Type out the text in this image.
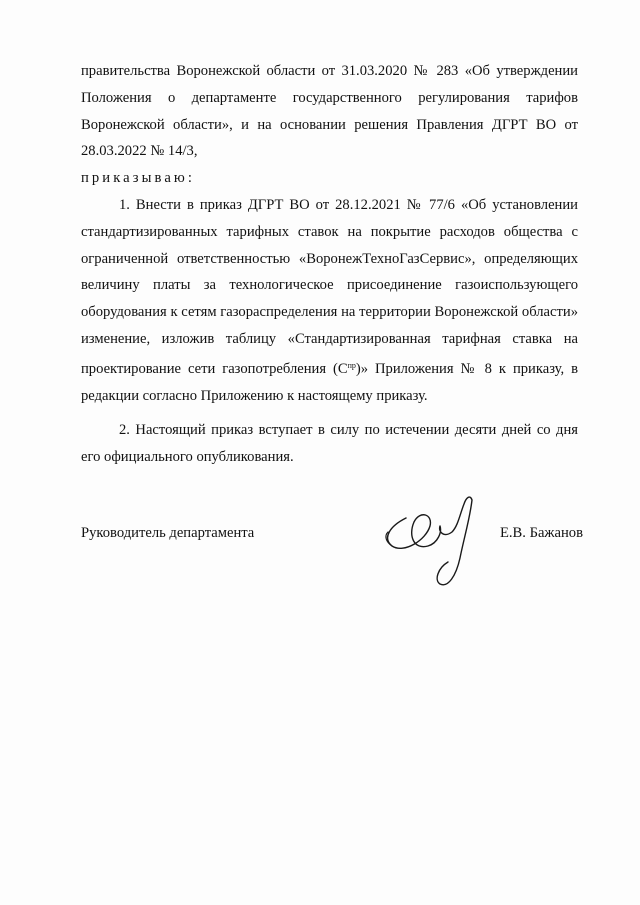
правительства Воронежской области от 31.03.2020 № 283 «Об утверждении Положения о департаменте государственного регулирования тарифов Воронежской области», и на основании решения Правления ДГРТ ВО от 28.03.2022 № 14/3,

приказываю:

1. Внести в приказ ДГРТ ВО от 28.12.2021 № 77/6 «Об установлении стандартизированных тарифных ставок на покрытие расходов общества с ограниченной ответственностью «ВоронежТехноГазСервис», определяющих величину платы за технологическое присоединение газоиспользующего оборудования к сетям газораспределения на территории Воронежской области» изменение, изложив таблицу «Стандартизированная тарифная ставка на проектирование сети газопотребления $(С^{пр})$» Приложения № 8 к приказу, в редакции согласно Приложению к настоящему приказу.

2. Настоящий приказ вступает в силу по истечении десяти дней со дня его официального опубликования.

Руководитель департамента	Е.В. Бажанов
